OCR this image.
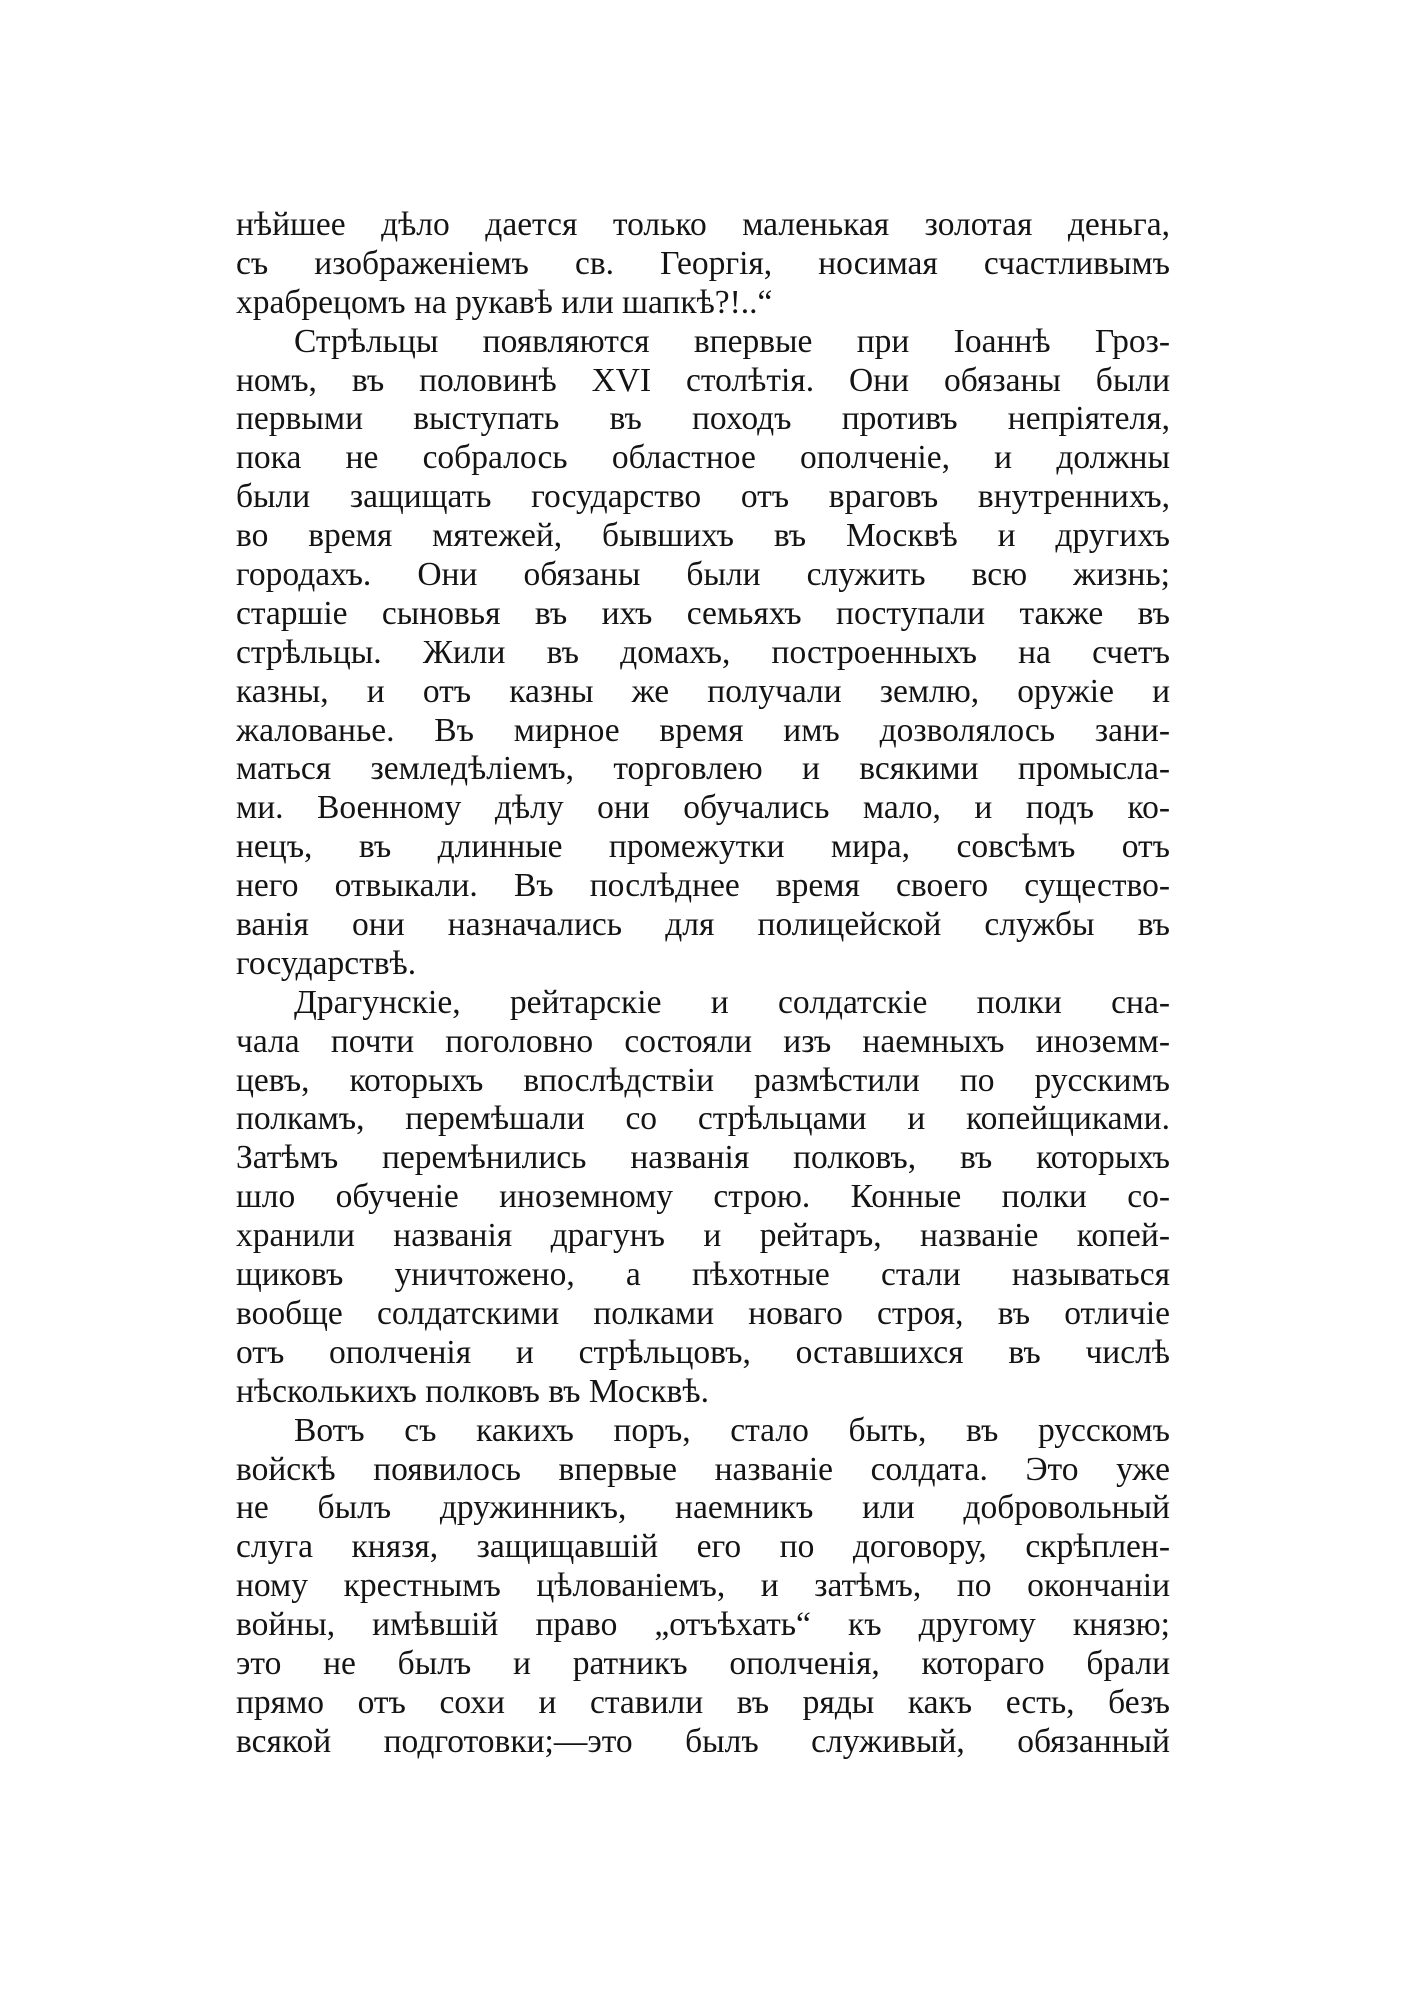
нѣйшее дѣло дается только маленькая золотая деньга,
съ изображеніемъ св. Георгія, носимая счастливымъ
храбрецомъ на рукавѣ или шапкѣ?!..“
Стрѣльцы появляются впервые при Іоаннѣ Гроз-
номъ, въ половинѣ XVI столѣтія. Они обязаны были
первыми выступать въ походъ противъ непріятеля,
пока не собралось областное ополченіе, и должны
были защищать государство отъ враговъ внутреннихъ,
во время мятежей, бывшихъ въ Москвѣ и другихъ
городахъ. Они обязаны были служить всю жизнь;
старшіе сыновья въ ихъ семьяхъ поступали также въ
стрѣльцы. Жили въ домахъ, построенныхъ на счетъ
казны, и отъ казны же получали землю, оружіе и
жалованье. Въ мирное время имъ дозволялось зани-
маться земледѣліемъ, торговлею и всякими промысла-
ми. Военному дѣлу они обучались мало, и подъ ко-
нецъ, въ длинные промежутки мира, совсѣмъ отъ
него отвыкали. Въ послѣднее время своего существо-
ванія они назначались для полицейской службы въ
государствѣ.
Драгунскіе, рейтарскіе и солдатскіе полки сна-
чала почти поголовно состояли изъ наемныхъ иноземм-
цевъ, которыхъ впослѣдствіи размѣстили по русскимъ
полкамъ, перемѣшали со стрѣльцами и копейщиками.
Затѣмъ перемѣнились названія полковъ, въ которыхъ
шло обученіе иноземному строю. Конные полки со-
хранили названія драгунъ и рейтаръ, названіе копей-
щиковъ уничтожено, а пѣхотные стали называться
вообще солдатскими полками новаго строя, въ отличіе
отъ ополченія и стрѣльцовъ, оставшихся въ числѣ
нѣсколькихъ полковъ въ Москвѣ.
Вотъ съ какихъ поръ, стало быть, въ русскомъ
войскѣ появилось впервые названіе солдата. Это уже
не былъ дружинникъ, наемникъ или добровольный
слуга князя, защищавшій его по договору, скрѣплен-
ному крестнымъ цѣлованіемъ, и затѣмъ, по окончаніи
войны, имѣвшій право „отъѣхать“ къ другому князю;
это не былъ и ратникъ ополченія, котораго брали
прямо отъ сохи и ставили въ ряды какъ есть, безъ
всякой подготовки;—это былъ служивый, обязанный
